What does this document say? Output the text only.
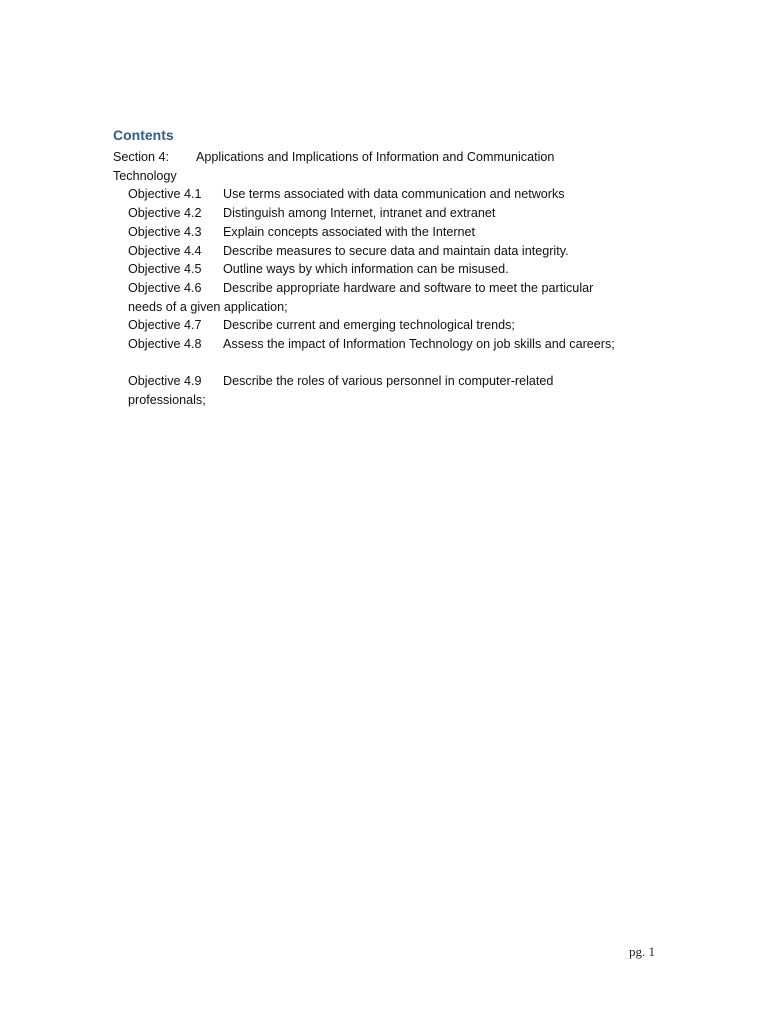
Contents
Section 4: Applications and Implications of Information and Communication
Technology
Objective 4.1 Use terms associated with data communication and networks
Objective 4.2 Distinguish among Internet, intranet and extranet
Objective 4.3 Explain concepts associated with the Internet
Objective 4.4 Describe measures to secure data and maintain data integrity.
Objective 4.5 Outline ways by which information can be misused.
Objective 4.6 Describe appropriate hardware and software to meet the particular
needs of a given application;
Objective 4.7 Describe current and emerging technological trends;
Objective 4.8 Assess the impact of Information Technology on job skills and careers;
Objective 4.9 Describe the roles of various personnel in computer-related
professionals;
pg. 1
